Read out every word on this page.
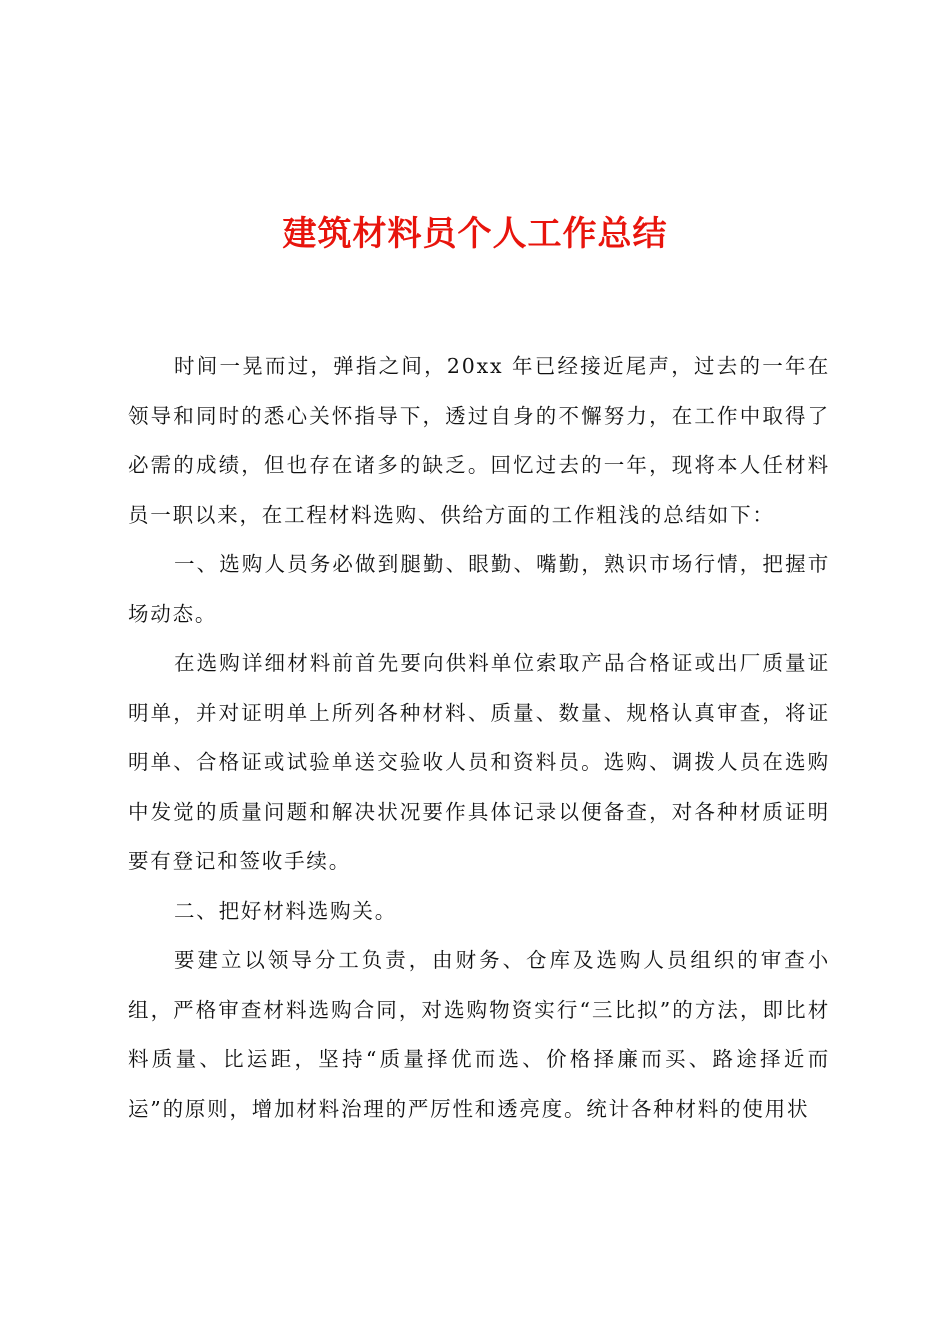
建筑材料员个人工作总结

时间一晃而过，弹指之间，20xx 年已经接近尾声，过去的一年在领导和同时的悉心关怀指导下，透过自身的不懈努力，在工作中取得了必需的成绩，但也存在诸多的缺乏。回忆过去的一年，现将本人任材料员一职以来，在工程材料选购、供给方面的工作粗浅的总结如下：

一、选购人员务必做到腿勤、眼勤、嘴勤，熟识市场行情，把握市场动态。

在选购详细材料前首先要向供料单位索取产品合格证或出厂质量证明单，并对证明单上所列各种材料、质量、数量、规格认真审查，将证明单、合格证或试验单送交验收人员和资料员。选购、调拨人员在选购中发觉的质量问题和解决状况要作具体记录以便备查，对各种材质证明要有登记和签收手续。

二、把好材料选购关。

要建立以领导分工负责，由财务、仓库及选购人员组织的审查小组，严格审查材料选购合同，对选购物资实行“三比拟”的方法，即比材料质量、比运距，坚持“质量择优而选、价格择廉而买、路途择近而运”的原则，增加材料治理的严厉性和透亮度。统计各种材料的使用状
